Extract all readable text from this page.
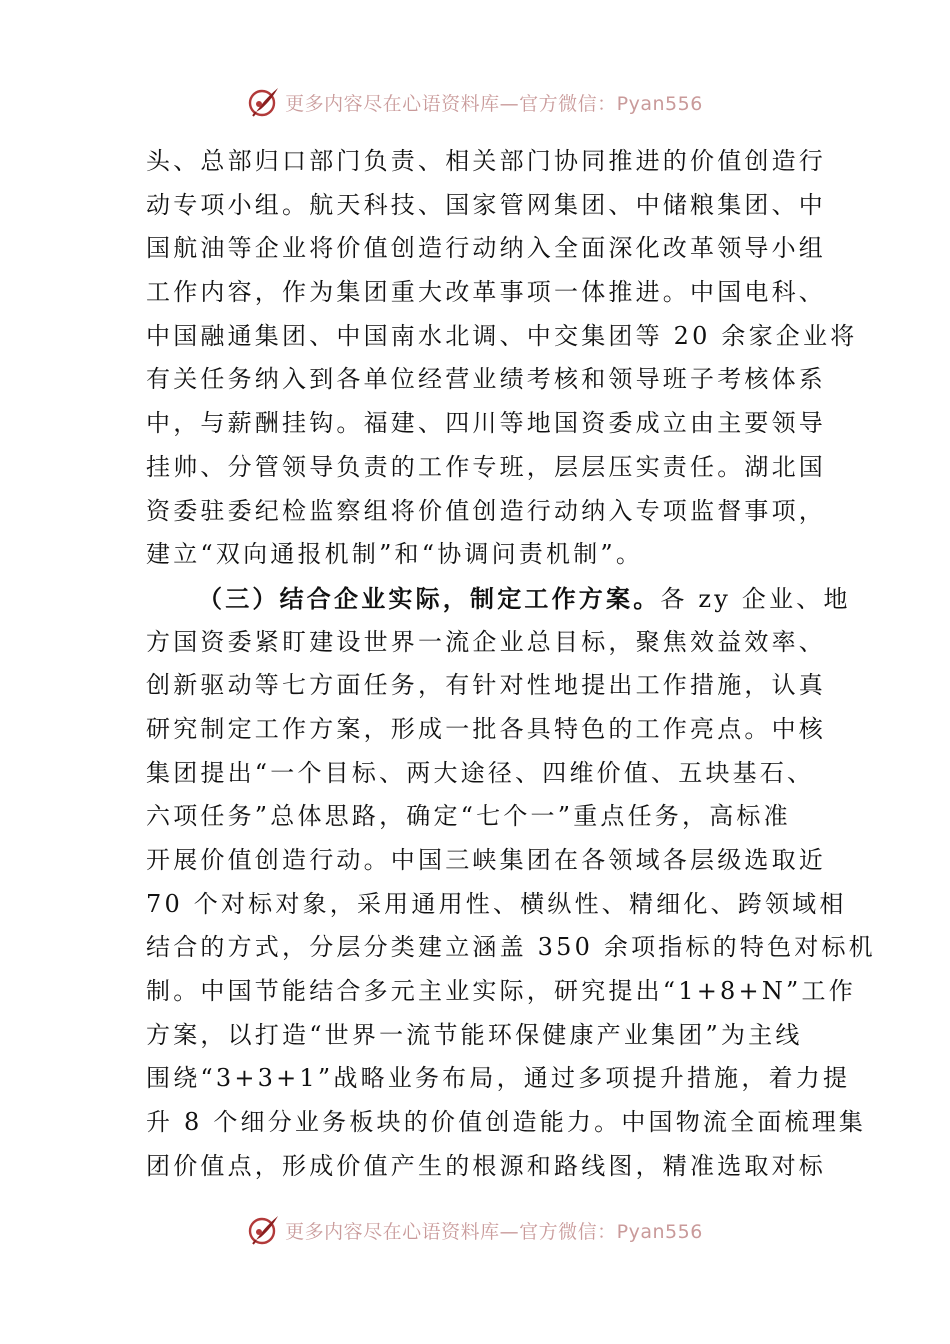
更多内容尽在心语资料库—官方微信：Pyan556
头、总部归口部门负责、相关部门协同推进的价值创造行
动专项小组。航天科技、国家管网集团、中储粮集团、中
国航油等企业将价值创造行动纳入全面深化改革领导小组
工作内容，作为集团重大改革事项一体推进。中国电科、
中国融通集团、中国南水北调、中交集团等 20 余家企业将
有关任务纳入到各单位经营业绩考核和领导班子考核体系
中，与薪酬挂钩。福建、四川等地国资委成立由主要领导
挂帅、分管领导负责的工作专班，层层压实责任。湖北国
资委驻委纪检监察组将价值创造行动纳入专项监督事项，
建立“双向通报机制”和“协调问责机制”。
（三）结合企业实际，制定工作方案。各 zy 企业、地
方国资委紧盯建设世界一流企业总目标，聚焦效益效率、
创新驱动等七方面任务，有针对性地提出工作措施，认真
研究制定工作方案，形成一批各具特色的工作亮点。中核
集团提出“一个目标、两大途径、四维价值、五块基石、
六项任务”总体思路，确定“七个一”重点任务，高标准
开展价值创造行动。中国三峡集团在各领域各层级选取近
70 个对标对象，采用通用性、横纵性、精细化、跨领域相
结合的方式，分层分类建立涵盖 350 余项指标的特色对标机
制。中国节能结合多元主业实际，研究提出“1+8+N”工作
方案，以打造“世界一流节能环保健康产业集团”为主线
围绕“3+3+1”战略业务布局，通过多项提升措施，着力提
升 8 个细分业务板块的价值创造能力。中国物流全面梳理集
团价值点，形成价值产生的根源和路线图，精准选取对标
更多内容尽在心语资料库—官方微信：Pyan556
